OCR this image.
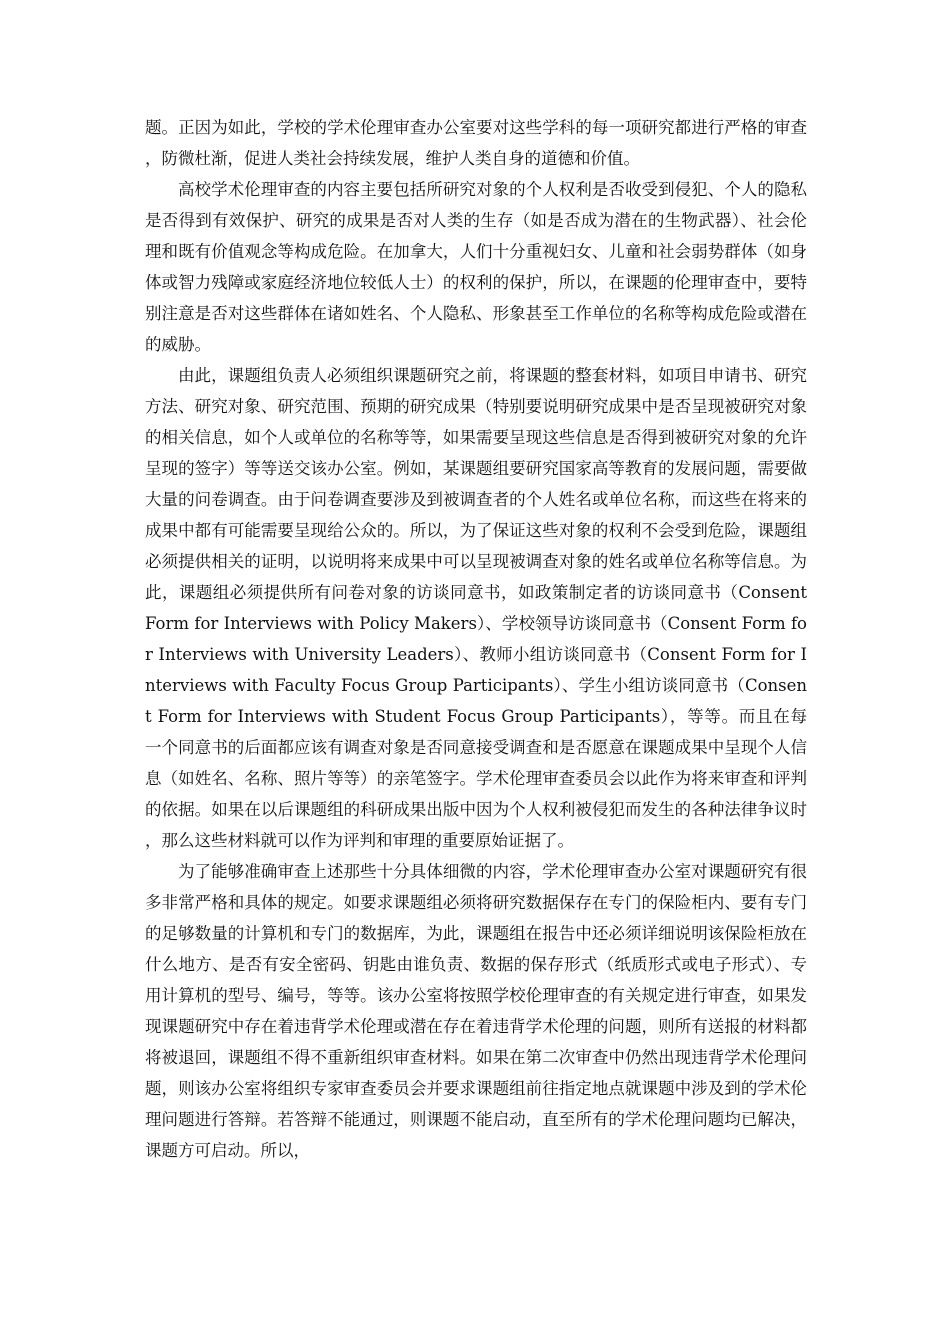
题。正因为如此，学校的学术伦理审查办公室要对这些学科的每一项研究都进行严格的审查，防微杜渐，促进人类社会持续发展，维护人类自身的道德和价值。

高校学术伦理审查的内容主要包括所研究对象的个人权利是否收受到侵犯、个人的隐私是否得到有效保护、研究的成果是否对人类的生存（如是否成为潜在的生物武器）、社会伦理和既有价值观念等构成危险。在加拿大，人们十分重视妇女、儿童和社会弱势群体（如身体或智力残障或家庭经济地位较低人士）的权利的保护，所以，在课题的伦理审查中，要特别注意是否对这些群体在诸如姓名、个人隐私、形象甚至工作单位的名称等构成危险或潜在的威胁。

由此，课题组负责人必须组织课题研究之前，将课题的整套材料，如项目申请书、研究方法、研究对象、研究范围、预期的研究成果（特别要说明研究成果中是否呈现被研究对象的相关信息，如个人或单位的名称等等，如果需要呈现这些信息是否得到被研究对象的允许呈现的签字）等等送交该办公室。例如，某课题组要研究国家高等教育的发展问题，需要做大量的问卷调查。由于问卷调查要涉及到被调查者的个人姓名或单位名称，而这些在将来的成果中都有可能需要呈现给公众的。所以，为了保证这些对象的权利不会受到危险，课题组必须提供相关的证明，以说明将来成果中可以呈现被调查对象的姓名或单位名称等信息。为此，课题组必须提供所有问卷对象的访谈同意书，如政策制定者的访谈同意书（Consent Form for Interviews with Policy Makers）、学校领导访谈同意书（Consent Form for Interviews with University Leaders）、教师小组访谈同意书（Consent Form for Interviews with Faculty Focus Group Participants）、学生小组访谈同意书（Consent Form for Interviews with Student Focus Group Participants），等等。而且在每一个同意书的后面都应该有调查对象是否同意接受调查和是否愿意在课题成果中呈现个人信息（如姓名、名称、照片等等）的亲笔签字。学术伦理审查委员会以此作为将来审查和评判的依据。如果在以后课题组的科研成果出版中因为个人权利被侵犯而发生的各种法律争议时，那么这些材料就可以作为评判和审理的重要原始证据了。

为了能够准确审查上述那些十分具体细微的内容，学术伦理审查办公室对课题研究有很多非常严格和具体的规定。如要求课题组必须将研究数据保存在专门的保险柜内、要有专门的足够数量的计算机和专门的数据库，为此，课题组在报告中还必须详细说明该保险柜放在什么地方、是否有安全密码、钥匙由谁负责、数据的保存形式（纸质形式或电子形式）、专用计算机的型号、编号，等等。该办公室将按照学校伦理审查的有关规定进行审查，如果发现课题研究中存在着违背学术伦理或潜在存在着违背学术伦理的问题，则所有送报的材料都将被退回，课题组不得不重新组织审查材料。如果在第二次审查中仍然出现违背学术伦理问题，则该办公室将组织专家审查委员会并要求课题组前往指定地点就课题中涉及到的学术伦理问题进行答辩。若答辩不能通过，则课题不能启动，直至所有的学术伦理问题均已解决，课题方可启动。所以，
